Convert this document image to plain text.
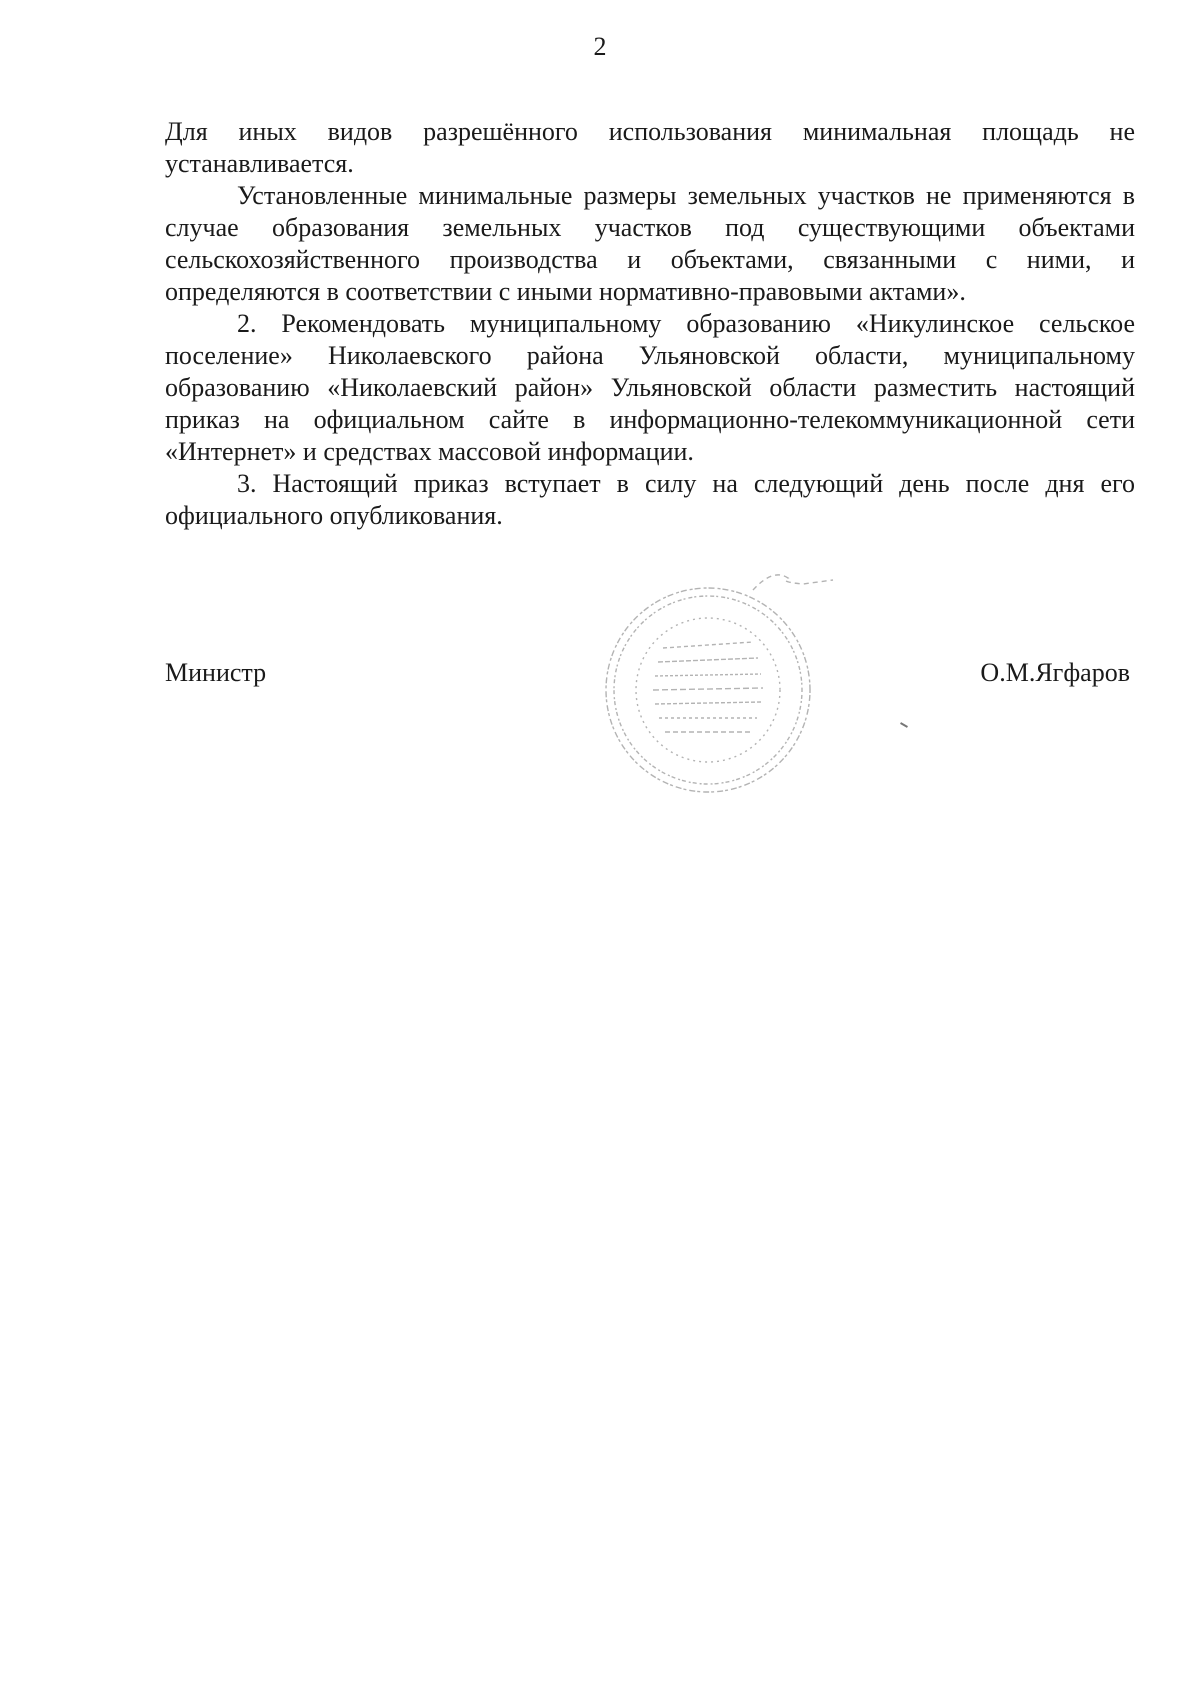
2

Для иных видов разрешённого использования минимальная площадь не устанавливается.

Установленные минимальные размеры земельных участков не применяются в случае образования земельных участков под существующими объектами сельскохозяйственного производства и объектами, связанными с ними, и определяются в соответствии с иными нормативно-правовыми актами».

2. Рекомендовать муниципальному образованию «Никулинское сельское поселение» Николаевского района Ульяновской области, муниципальному образованию «Николаевский район» Ульяновской области разместить настоящий приказ на официальном сайте в информационно-телекоммуникационной сети «Интернет» и средствах массовой информации.

3. Настоящий приказ вступает в силу на следующий день после дня его официального опубликования.

Министр	О.М.Ягфаров
